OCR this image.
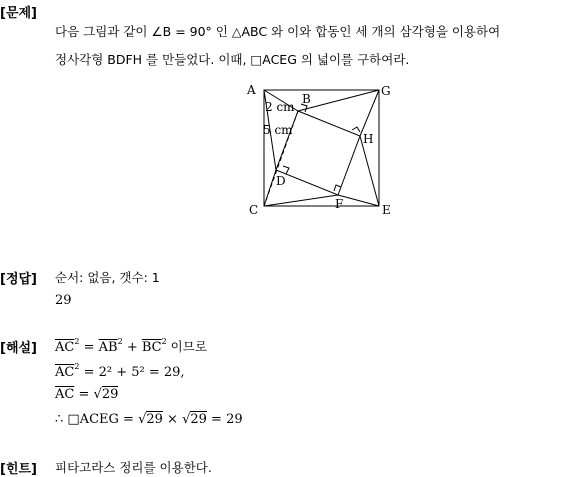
[문제]
다음 그림과 같이 ∠B = 90° 인 △ABC 와 이와 합동인 세 개의 삼각형을 이용하여
정사각형 BDFH 를 만들었다. 이때, □ACEG 의 넓이를 구하여라.
A
B
G
H
D
F
C	E
2 cm
5 cm
[정답] 순서: 없음, 갯수: 1
29
[해설] $\overline{AC}^2 = \overline{AB}^2 + \overline{BC}^2$ 이므로
$\overline{AC}^2 = 2^2 + 5^2 = 29$,
$\overline{AC} = √29$
∴ □ACEG = √29 × √29 = 29
[힌트] 피타고라스 정리를 이용한다.
